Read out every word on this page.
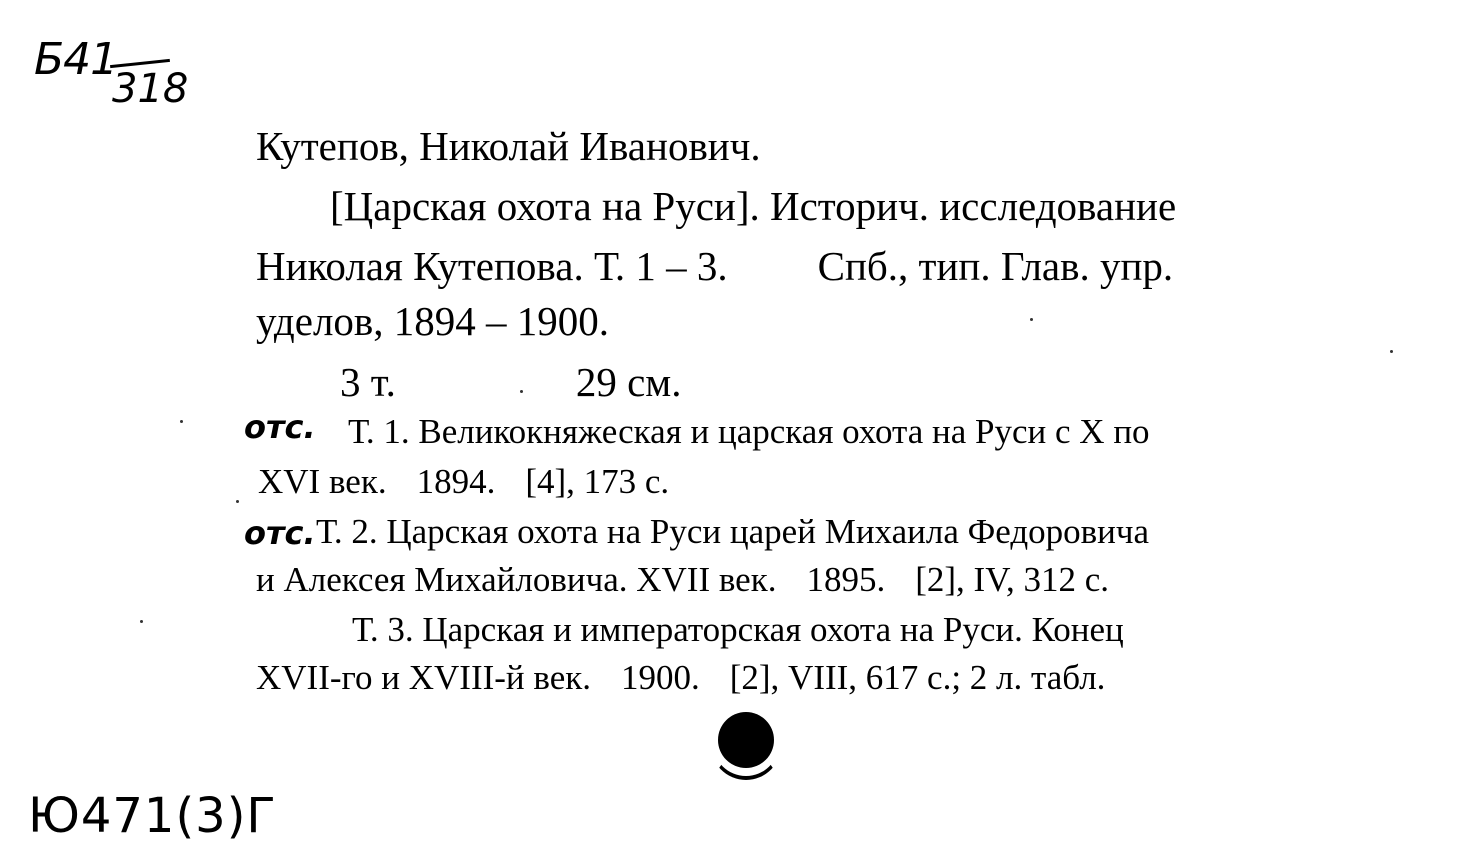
Б41
318
Кутепов, Николай Иванович.
[Царская охота на Руси]. Историч. исследование
Николая Кутепова. Т. 1 – 3. Спб., тип. Глав. упр.
уделов, 1894 – 1900.
3 т.	29 см.
отс. Т. 1. Великокняжеская и царская охота на Руси с X по
XVI век. 1894. [4], 173 с.
отс. Т. 2. Царская охота на Руси царей Михаила Федоровича
и Алексея Михайловича. XVII век. 1895. [2], IV, 312 с.
Т. 3. Царская и императорская охота на Руси. Конец
XVII-го и XVIII-й век. 1900. [2], VIII, 617 с.; 2 л. табл.
Ю471(3)Г
